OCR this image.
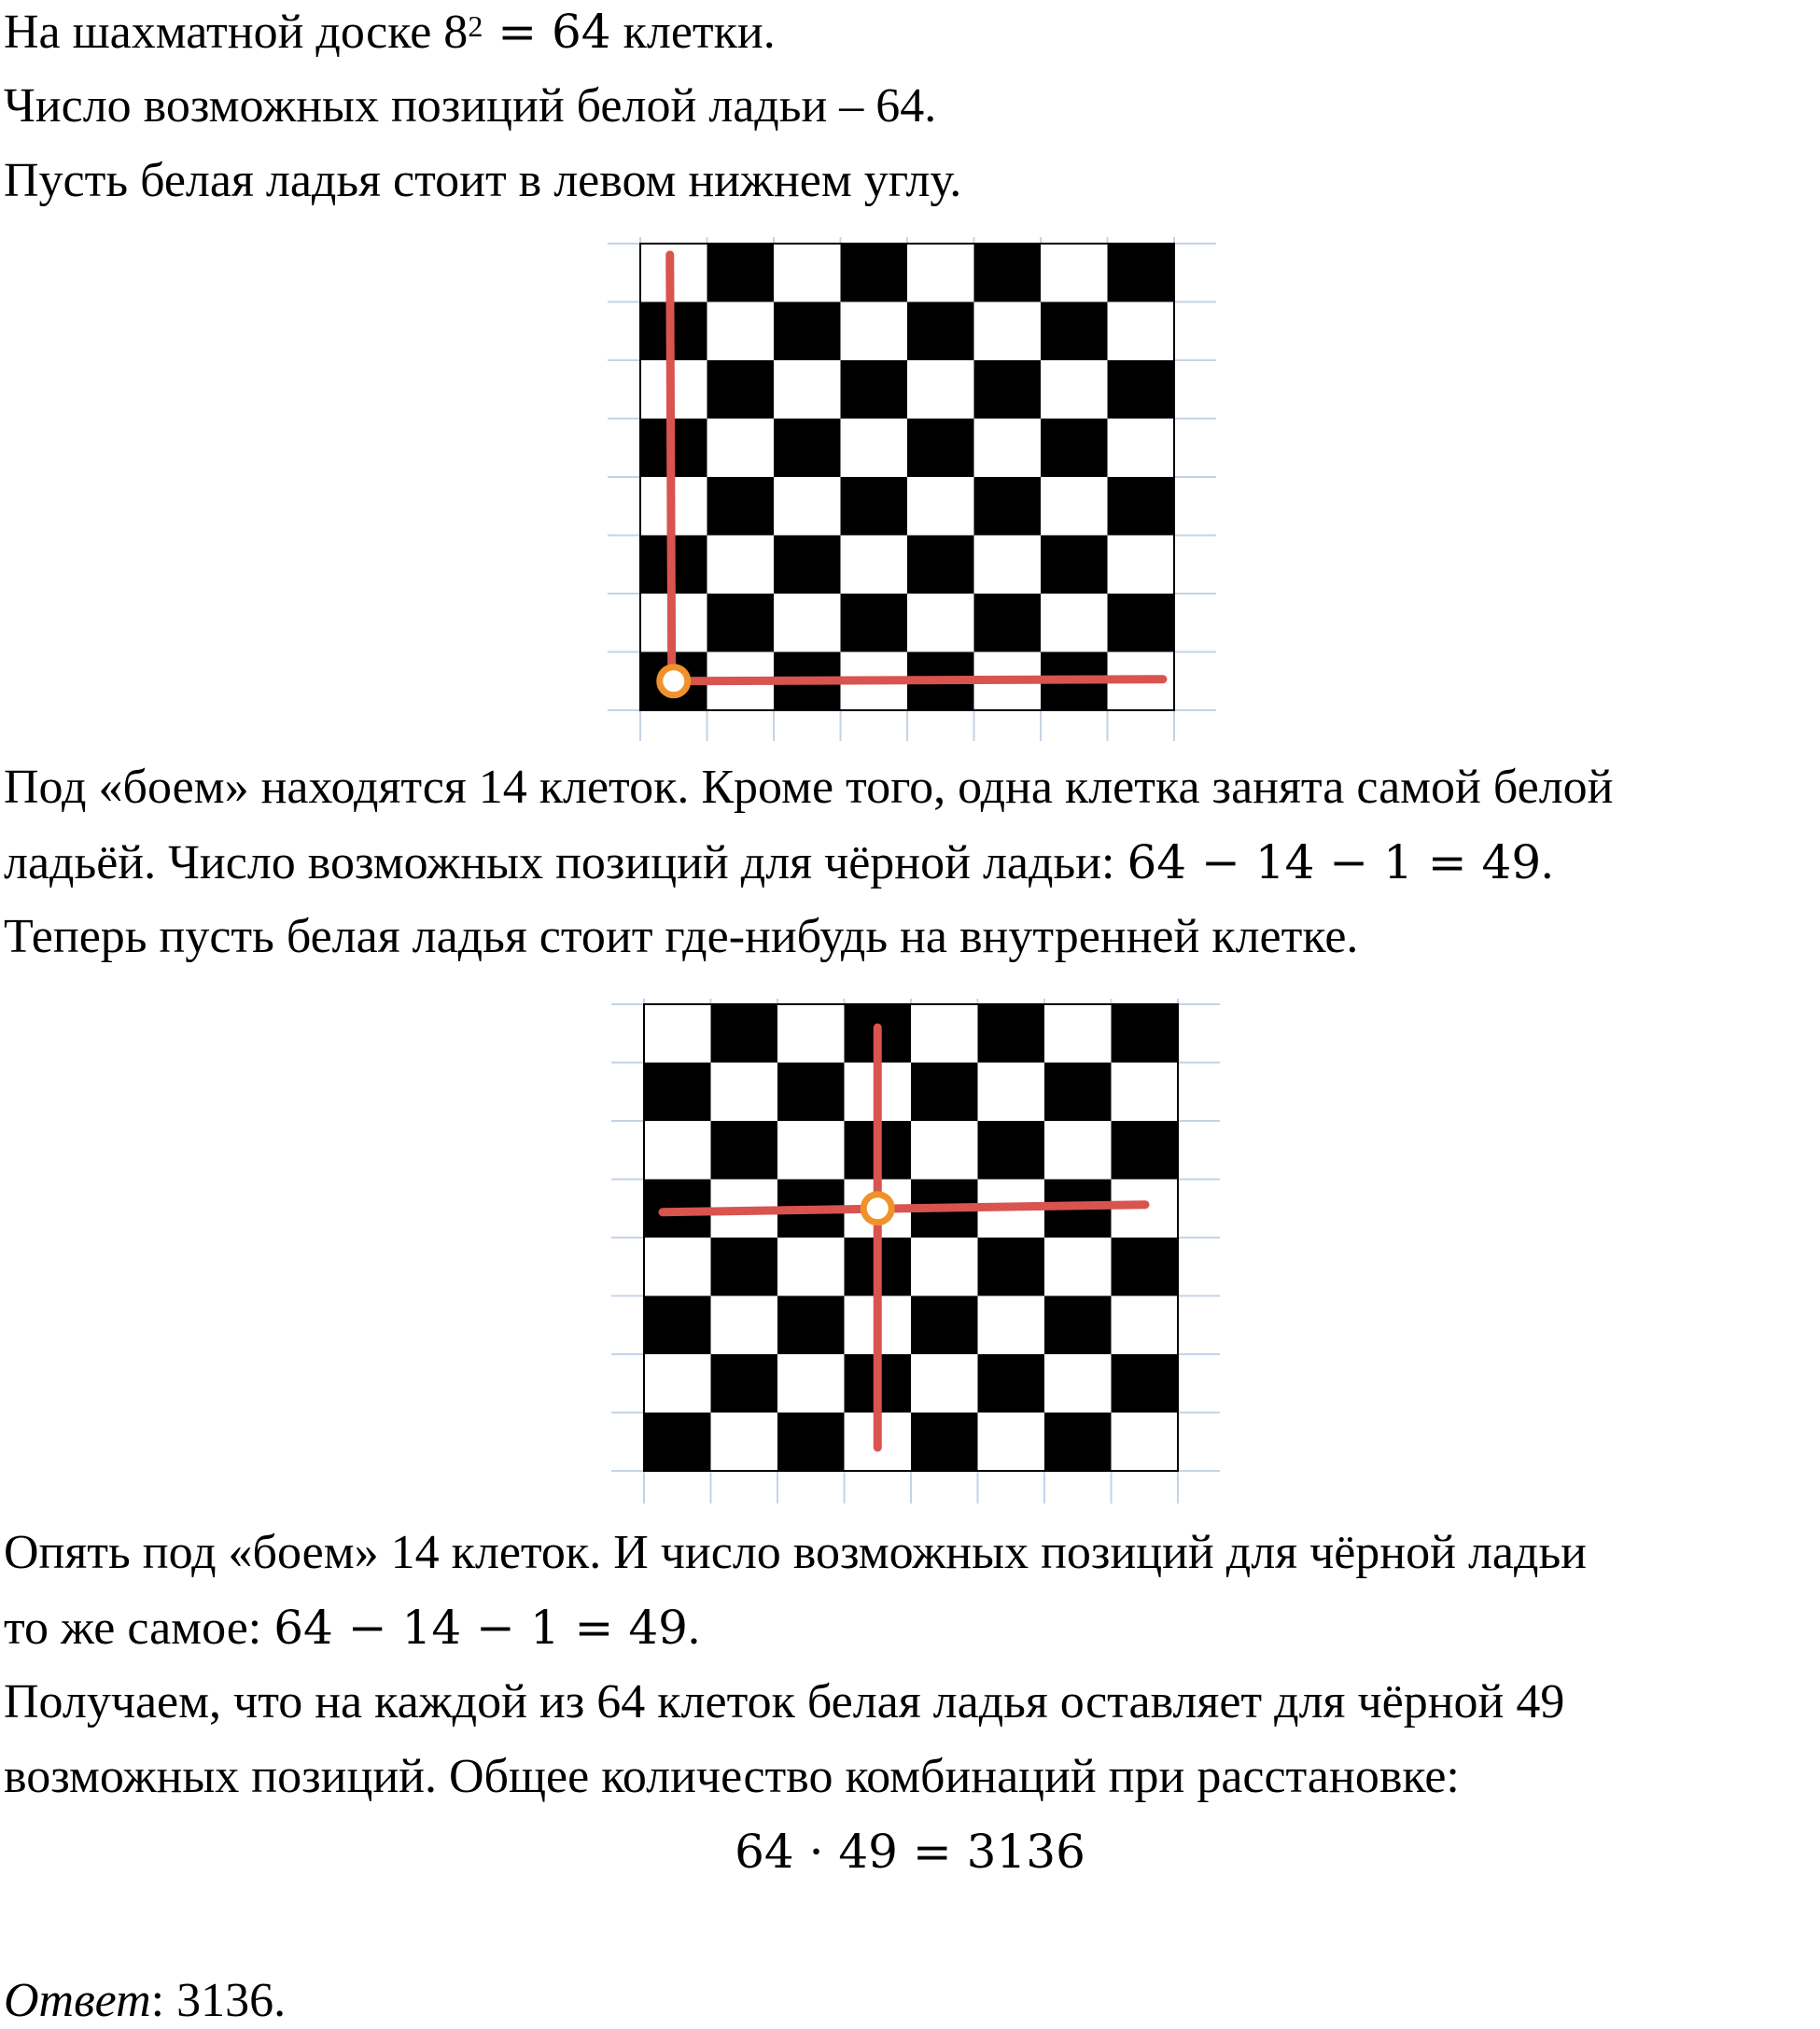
На шахматной доске $8^2 = 64$ клетки.
Число возможных позиций белой ладьи – 64.
Пусть белая ладья стоит в левом нижнем углу.
Под «боем» находятся 14 клеток. Кроме того, одна клетка занята самой белой
ладьёй. Число возможных позиций для чёрной ладьи: 64 − 14 − 1 = 49.
Теперь пусть белая ладья стоит где-нибудь на внутренней клетке.
Опять под «боем» 14 клеток. И число возможных позиций для чёрной ладьи
то же самое: 64 − 14 − 1 = 49.
Получаем, что на каждой из 64 клеток белая ладья оставляет для чёрной 49
возможных позиций. Общее количество комбинаций при расстановке:
64 · 49 = 3136
Ответ: 3136.
